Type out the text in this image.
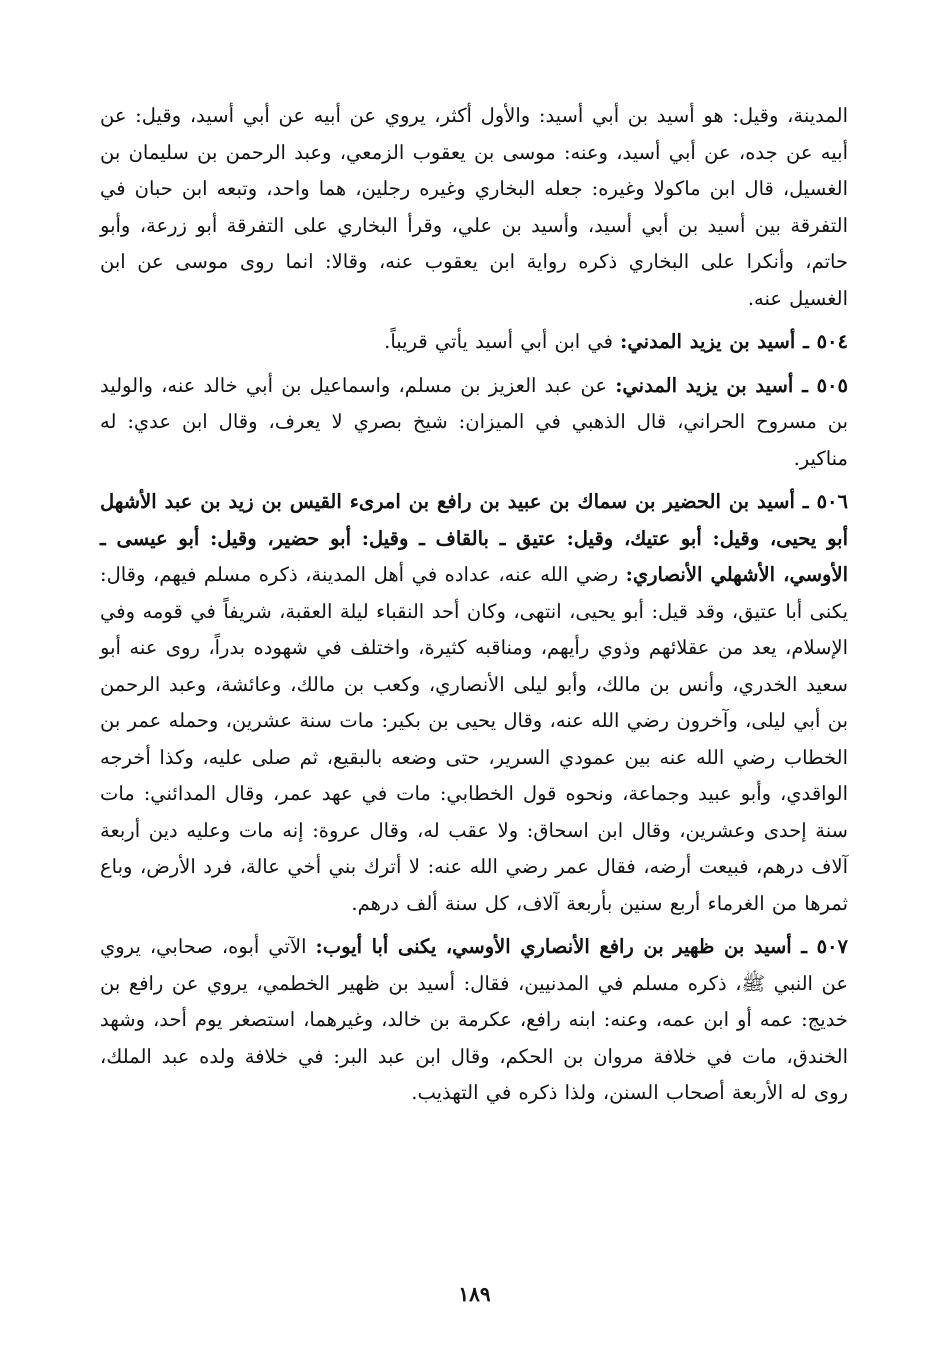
المدينة، وقيل: هو أسيد بن أبي أسيد: والأول أكثر، يروي عن أبيه عن أبي أسيد، وقيل: عن أبيه عن جده، عن أبي أسيد، وعنه: موسى بن يعقوب الزمعي، وعبد الرحمن بن سليمان بن الغسيل، قال ابن ماكولا وغيره: جعله البخاري وغيره رجلين، هما واحد، وتبعه ابن حبان في التفرقة بين أسيد بن أبي أسيد، وأسيد بن علي، وقرأ البخاري على التفرقة أبو زرعة، وأبو حاتم، وأنكرا على البخاري ذكره رواية ابن يعقوب عنه، وقالا: انما روى موسى عن ابن الغسيل عنه.

٥٠٤ ـ أسيد بن يزيد المدني: في ابن أبي أسيد يأتي قريباً.

٥٠٥ ـ أسيد بن يزيد المدني: عن عبد العزيز بن مسلم، واسماعيل بن أبي خالد عنه، والوليد بن مسروح الحراني، قال الذهبي في الميزان: شيخ بصري لا يعرف، وقال ابن عدي: له مناكير.

٥٠٦ ـ أسيد بن الحضير بن سماك بن عبيد بن رافع بن امرىء القيس بن زيد بن عبد الأشهل أبو يحيى، وقيل: أبو عتيك، وقيل: عتيق ـ بالقاف ـ وقيل: أبو حضير، وقيل: أبو عيسى ـ الأوسي، الأشهلي الأنصاري: رضي الله عنه، عداده في أهل المدينة، ذكره مسلم فيهم، وقال: يكنى أبا عتيق، وقد قيل: أبو يحيى، انتهى، وكان أحد النقباء ليلة العقبة، شريفاً في قومه وفي الإسلام، يعد من عقلائهم وذوي رأيهم، ومناقبه كثيرة، واختلف في شهوده بدراً، روى عنه أبو سعيد الخدري، وأنس بن مالك، وأبو ليلى الأنصاري، وكعب بن مالك، وعائشة، وعبد الرحمن بن أبي ليلى، وآخرون رضي الله عنه، وقال يحيى بن بكير: مات سنة عشرين، وحمله عمر بن الخطاب رضي الله عنه بين عمودي السرير، حتى وضعه بالبقيع، ثم صلى عليه، وكذا أخرجه الواقدي، وأبو عبيد وجماعة، ونحوه قول الخطابي: مات في عهد عمر، وقال المدائني: مات سنة إحدى وعشرين، وقال ابن اسحاق: ولا عقب له، وقال عروة: إنه مات وعليه دين أربعة آلاف درهم، فبيعت أرضه، فقال عمر رضي الله عنه: لا أترك بني أخي عالة، فرد الأرض، وباع ثمرها من الغرماء أربع سنين بأربعة آلاف، كل سنة ألف درهم.

٥٠٧ ـ أسيد بن ظهير بن رافع الأنصاري الأوسي، يكنى أبا أيوب: الآتي أبوه، صحابي، يروي عن النبي ﷺ، ذكره مسلم في المدنيين، فقال: أسيد بن ظهير الخطمي، يروي عن رافع بن خديج: عمه أو ابن عمه، وعنه: ابنه رافع، عكرمة بن خالد، وغيرهما، استصغر يوم أحد، وشهد الخندق، مات في خلافة مروان بن الحكم، وقال ابن عبد البر: في خلافة ولده عبد الملك، روى له الأربعة أصحاب السنن، ولذا ذكره في التهذيب.

١٨٩
